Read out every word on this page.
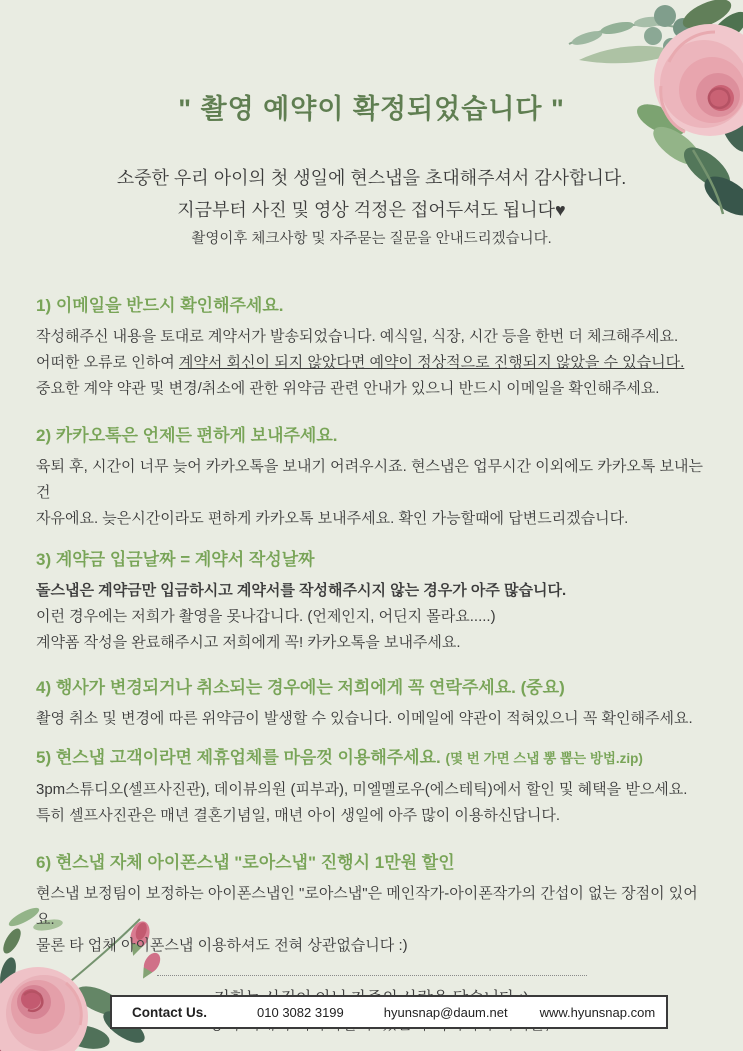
" 촬영 예약이 확정되었습니다 "
소중한 우리 아이의 첫 생일에 현스냅을 초대해주셔서 감사합니다.
지금부터 사진 및 영상 걱정은 접어두셔도 됩니다♥
촬영이후 체크사항 및 자주묻는 질문을 안내드리겠습니다.
1) 이메일을 반드시 확인해주세요.
작성해주신 내용을 토대로 계약서가 발송되었습니다. 예식일, 식장, 시간 등을 한번 더 체크해주세요.
어떠한 오류로 인하여 계약서 회신이 되지 않았다면 예약이 정상적으로 진행되지 않았을 수 있습니다.
중요한 계약 약관 및 변경/취소에 관한 위약금 관련 안내가 있으니 반드시 이메일을 확인해주세요.
2) 카카오톡은 언제든 편하게 보내주세요.
육퇴 후, 시간이 너무 늦어 카카오톡을 보내기 어려우시죠. 현스냅은 업무시간 이외에도 카카오톡 보내는건
자유에요. 늦은시간이라도 편하게 카카오톡 보내주세요. 확인 가능할때에 답변드리겠습니다.
3) 계약금 입금날짜 = 계약서 작성날짜
돌스냅은 계약금만 입금하시고 계약서를 작성해주시지 않는 경우가 아주 많습니다.
이런 경우에는 저희가 촬영을 못나갑니다. (언제인지, 어딘지 몰라요.....)
계약폼 작성을 완료해주시고 저희에게 꼭! 카카오톡을 보내주세요.
4) 행사가 변경되거나 취소되는 경우에는 저희에게 꼭 연락주세요. (중요)
촬영 취소 및 변경에 따른 위약금이 발생할 수 있습니다. 이메일에 약관이 적혀있으니 꼭 확인해주세요.
5) 현스냅 고객이라면 제휴업체를 마음껏 이용해주세요. (몇 번 가면 스냅 뽕 뽑는 방법.zip)
3pm스튜디오(셀프사진관), 데이뷰의원 (피부과), 미엘멜로우(에스테틱)에서 할인 및 혜택을 받으세요.
특히 셀프사진관은 매년 결혼기념일, 매년 아이 생일에 아주 많이 이용하신답니다.
6) 현스냅 자체 아이폰스냅 "로아스냅" 진행시 1만원 할인
현스냅 보정팀이 보정하는 아이폰스냅인 "로아스냅"은 메인작가-아이폰작가의 간섭이 없는 장점이 있어요.
물론 타 업체 아이폰스냅 이용하셔도 전혀 상관없습니다 :)
Contact Us.	010 3082 3199	hyunsnap@daum.net www.hyunsnap.com
